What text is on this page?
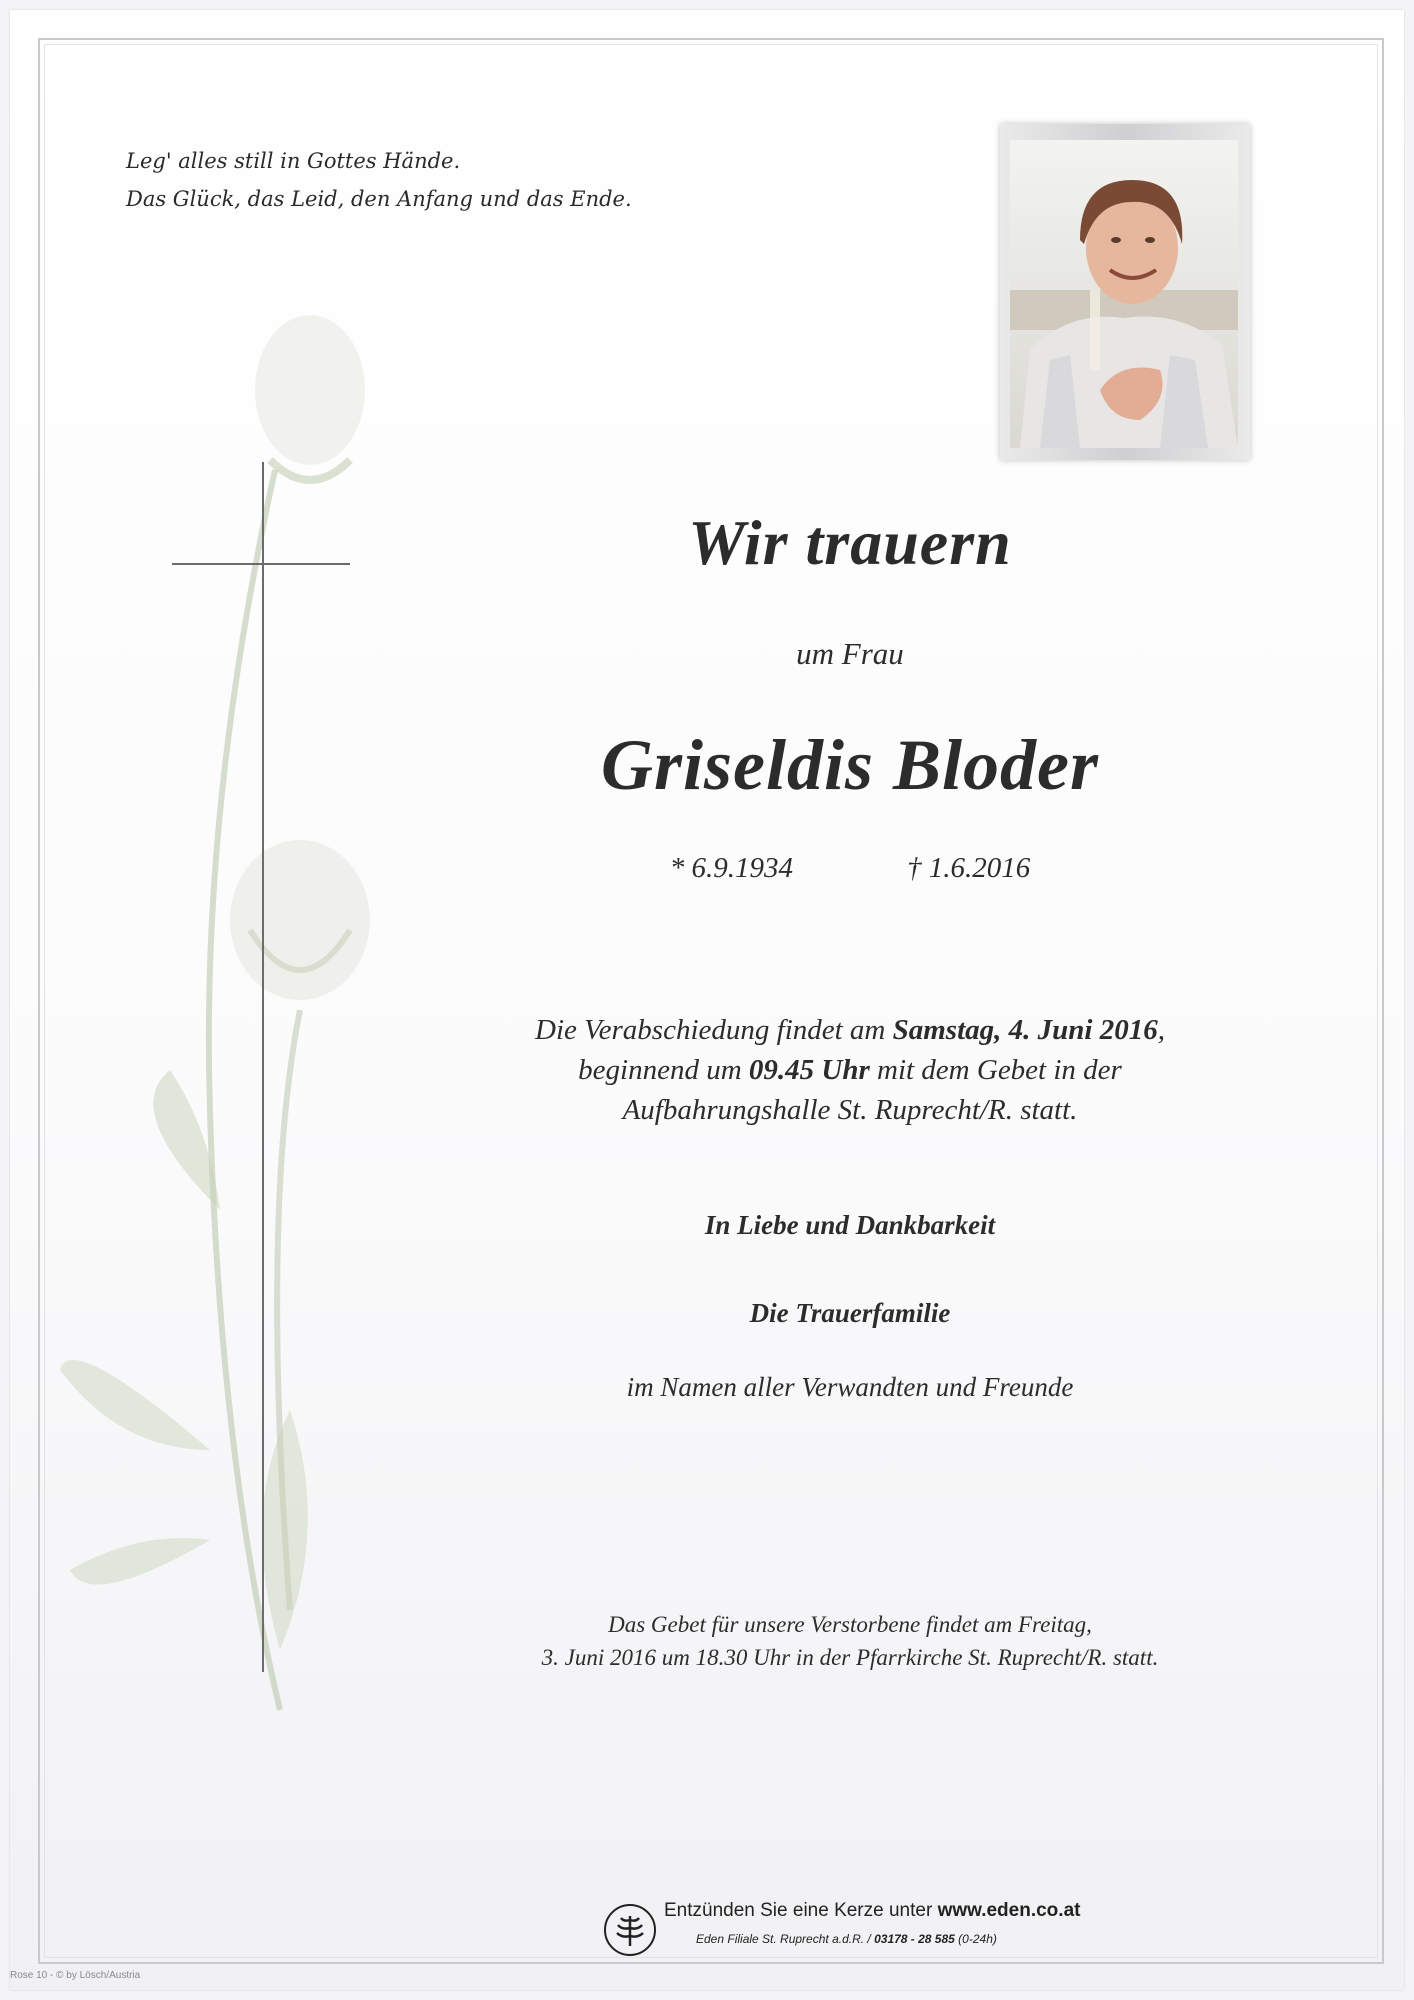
Leg' alles still in Gottes Hände.
Das Glück, das Leid, den Anfang und das Ende.
Wir trauern
um Frau
Griseldis Bloder
* 6.9.1934	† 1.6.2016
Die Verabschiedung findet am Samstag, 4. Juni 2016,
beginnend um 09.45 Uhr mit dem Gebet in der
Aufbahrungshalle St. Ruprecht/R. statt.
In Liebe und Dankbarkeit
Die Trauerfamilie
im Namen aller Verwandten und Freunde
Das Gebet für unsere Verstorbene findet am Freitag,
3. Juni 2016 um 18.30 Uhr in der Pfarrkirche St. Ruprecht/R. statt.
Entzünden Sie eine Kerze unter www.eden.co.at
Eden Filiale St. Ruprecht a.d.R. / 03178 - 28 585 (0-24h)
Rose 10 - © by Lösch/Austria
